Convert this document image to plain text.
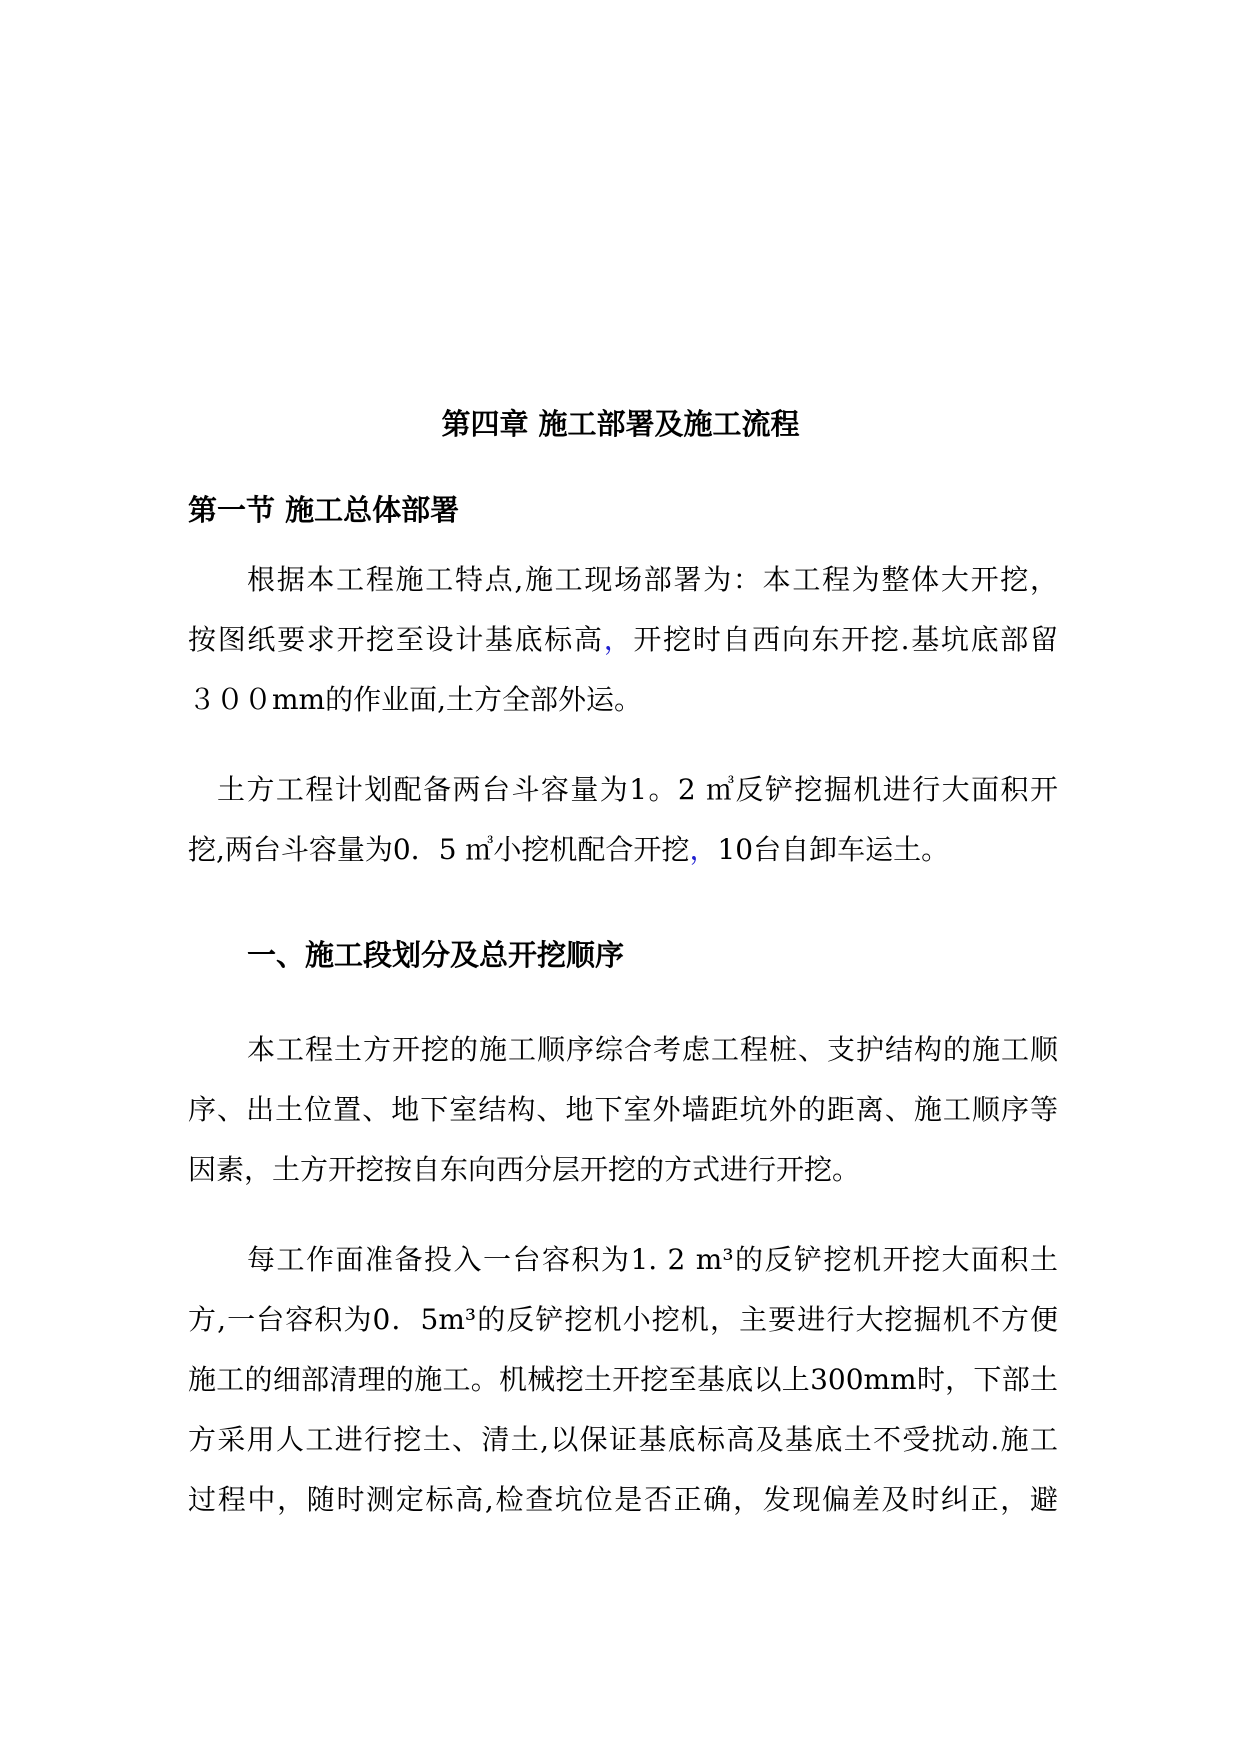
第四章 施工部署及施工流程
第一节 施工总体部署
根据本工程施工特点,施工现场部署为：本工程为整体大开挖，
按图纸要求开挖至设计基底标高，开挖时自西向东开挖.基坑底部留
３００mm的作业面,土方全部外运。
土方工程计划配备两台斗容量为1。2 ㎥反铲挖掘机进行大面积开
挖,两台斗容量为0．5 ㎥小挖机配合开挖，10台自卸车运土。
一、施工段划分及总开挖顺序
本工程土方开挖的施工顺序综合考虑工程桩、支护结构的施工顺
序、出土位置、地下室结构、地下室外墙距坑外的距离、施工顺序等
因素，土方开挖按自东向西分层开挖的方式进行开挖。
每工作面准备投入一台容积为1. 2 m³的反铲挖机开挖大面积土
方,一台容积为0．5m³的反铲挖机小挖机，主要进行大挖掘机不方便
施工的细部清理的施工。机械挖土开挖至基底以上300mm时，下部土
方采用人工进行挖土、清土,以保证基底标高及基底土不受扰动.施工
过程中，随时测定标高,检查坑位是否正确，发现偏差及时纠正，避
